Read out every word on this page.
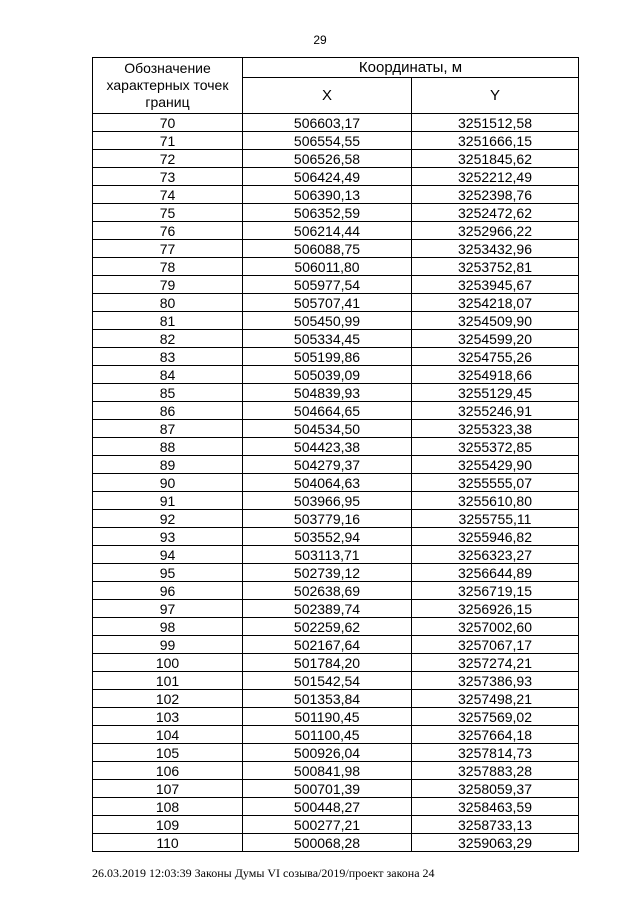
29
Обозначение характерных точек границ	Координаты, м	
	X	Y
70	506603,17	3251512,58
71	506554,55	3251666,15
72	506526,58	3251845,62
73	506424,49	3252212,49
74	506390,13	3252398,76
75	506352,59	3252472,62
76	506214,44	3252966,22
77	506088,75	3253432,96
78	506011,80	3253752,81
79	505977,54	3253945,67
80	505707,41	3254218,07
81	505450,99	3254509,90
82	505334,45	3254599,20
83	505199,86	3254755,26
84	505039,09	3254918,66
85	504839,93	3255129,45
86	504664,65	3255246,91
87	504534,50	3255323,38
88	504423,38	3255372,85
89	504279,37	3255429,90
90	504064,63	3255555,07
91	503966,95	3255610,80
92	503779,16	3255755,11
93	503552,94	3255946,82
94	503113,71	3256323,27
95	502739,12	3256644,89
96	502638,69	3256719,15
97	502389,74	3256926,15
98	502259,62	3257002,60
99	502167,64	3257067,17
100	501784,20	3257274,21
101	501542,54	3257386,93
102	501353,84	3257498,21
103	501190,45	3257569,02
104	501100,45	3257664,18
105	500926,04	3257814,73
106	500841,98	3257883,28
107	500701,39	3258059,37
108	500448,27	3258463,59
109	500277,21	3258733,13
110	500068,28	3259063,29
26.03.2019 12:03:39 Законы Думы VI созыва/2019/проект закона 24
